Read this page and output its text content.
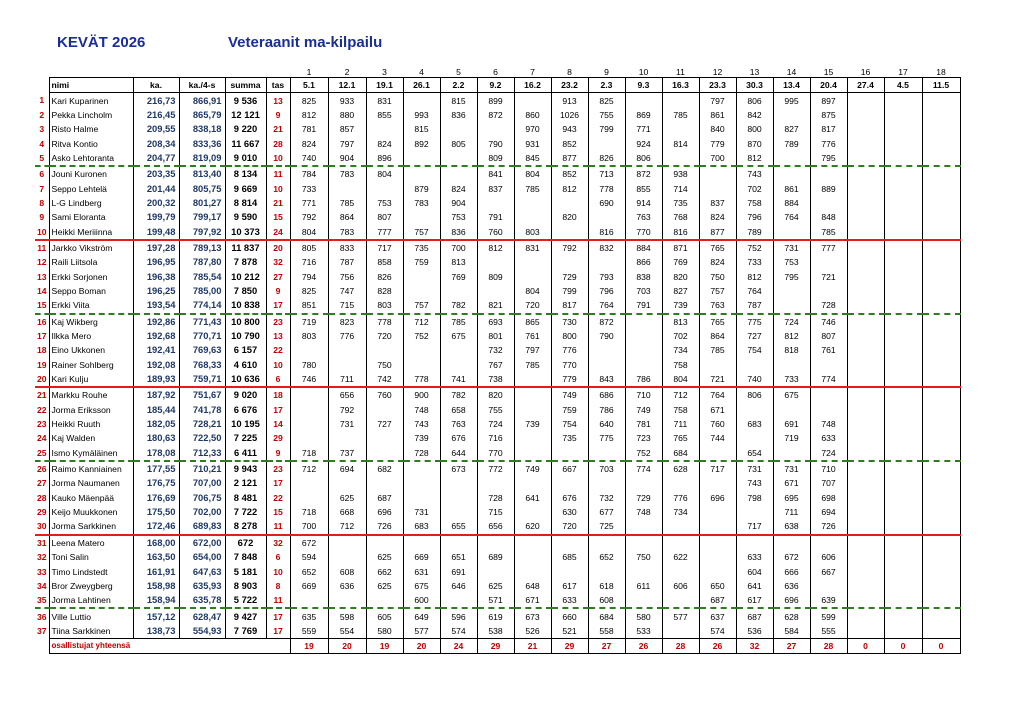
KEVÄT 2026	Veteraanit ma-kilpailu
						1	2	3	4	5	6	7	8	9	10	11	12	13	14	15	16	17	18
	nimi	ka.	ka./4-s	summa	tas	5.1	12.1	19.1	26.1	2.2	9.2	16.2	23.2	2.3	9.3	16.3	23.3	30.3	13.4	20.4	27.4	4.5	11.5
1	Kari Kuparinen	216,73	866,91	9 536	13	825	933	831		815	899		913	825			797	806	995	897			
2	Pekka Lincholm	216,45	865,79	12 121	9	812	880	855	993	836	872	860	1026	755	869	785	861	842		875			
3	Risto Halme	209,55	838,18	9 220	21	781	857		815			970	943	799	771		840	800	827	817			
4	Ritva Kontio	208,34	833,36	11 667	28	824	797	824	892	805	790	931	852		924	814	779	870	789	776			
5	Asko Lehtoranta	204,77	819,09	9 010	10	740	904	896			809	845	877	826	806		700	812		795			
6	Jouni Kuronen	203,35	813,40	8 134	11	784	783	804			841	804	852	713	872	938		743					
7	Seppo Lehtelä	201,44	805,75	9 669	10	733			879	824	837	785	812	778	855	714		702	861	889			
8	L-G Lindberg	200,32	801,27	8 814	21	771	785	753	783	904				690	914	735	837	758	884				
9	Sami Eloranta	199,79	799,17	9 590	15	792	864	807		753	791		820		763	768	824	796	764	848			
10	Heikki Meriiinna	199,48	797,92	10 373	24	804	783	777	757	836	760	803		816	770	816	877	789		785			
11	Jarkko Vikström	197,28	789,13	11 837	20	805	833	717	735	700	812	831	792	832	884	871	765	752	731	777			
12	Raili Liitsola	196,95	787,80	7 878	32	716	787	858	759	813					866	769	824	733	753				
13	Erkki Sorjonen	196,38	785,54	10 212	27	794	756	826		769	809		729	793	838	820	750	812	795	721			
14	Seppo Boman	196,25	785,00	7 850	9	825	747	828				804	799	796	703	827	757	764					
15	Erkki Viita	193,54	774,14	10 838	17	851	715	803	757	782	821	720	817	764	791	739	763	787		728			
16	Kaj Wikberg	192,86	771,43	10 800	23	719	823	778	712	785	693	865	730	872		813	765	775	724	746			
17	Ilkka Mero	192,68	770,71	10 790	13	803	776	720	752	675	801	761	800	790		702	864	727	812	807			
18	Eino Ukkonen	192,41	769,63	6 157	22						732	797	776			734	785	754	818	761			
19	Rainer Sohlberg	192,08	768,33	4 610	10	780		750			767	785	770			758							
20	Kari Kulju	189,93	759,71	10 636	6	746	711	742	778	741	738		779	843	786	804	721	740	733	774			
21	Markku Rouhe	187,92	751,67	9 020	18		656	760	900	782	820		749	686	710	712	764	806	675				
22	Jorma Eriksson	185,44	741,78	6 676	17		792		748	658	755		759	786	749	758	671						
23	Heikki Ruuth	182,05	728,21	10 195	14		731	727	743	763	724	739	754	640	781	711	760	683	691	748			
24	Kaj Walden	180,63	722,50	7 225	29				739	676	716		735	775	723	765	744		719	633			
25	Ismo Kymäläinen	178,08	712,33	6 411	9	718	737		728	644	770				752	684		654		724			
26	Raimo Kanniainen	177,55	710,21	9 943	23	712	694	682		673	772	749	667	703	774	628	717	731	731	710			
27	Jorma Naumanen	176,75	707,00	2 121	17													743	671	707			
28	Kauko Mäenpää	176,69	706,75	8 481	22		625	687			728	641	676	732	729	776	696	798	695	698			
29	Keijo Muukkonen	175,50	702,00	7 722	15	718	668	696	731		715		630	677	748	734			711	694			
30	Jorma Sarkkinen	172,46	689,83	8 278	11	700	712	726	683	655	656	620	720	725				717	638	726			
31	Leena Matero	168,00	672,00	672	32	672																	
32	Toni Salin	163,50	654,00	7 848	6	594		625	669	651	689		685	652	750	622		633	672	606			
33	Timo Lindstedt	161,91	647,63	5 181	10	652	608	662	631	691								604	666	667			
34	Bror Zweygberg	158,98	635,93	8 903	8	669	636	625	675	646	625	648	617	618	611	606	650	641	636				
35	Jorma Lahtinen	158,94	635,78	5 722	11				600		571	671	633	608			687	617	696	639			
36	Ville Luttio	157,12	628,47	9 427	17	635	598	605	649	596	619	673	660	684	580	577	637	687	628	599			
37	Tiina Sarkkinen	138,73	554,93	7 769	17	559	554	580	577	574	538	526	521	558	533		574	536	584	555			
	osallistujat yhteensä					19	20	19	20	24	29	21	29	27	26	28	26	32	27	28	0	0	0
